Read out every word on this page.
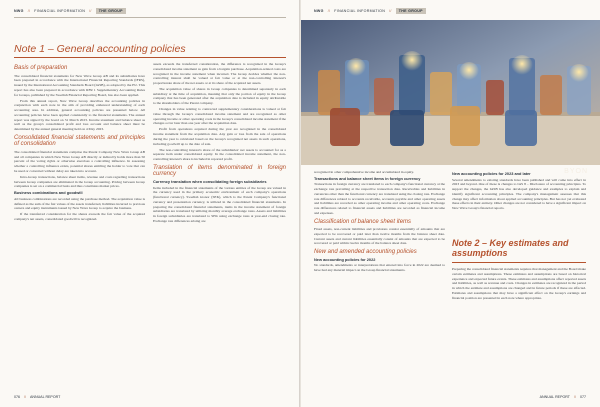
NWG // FINANCIAL INFORMATION //	THE GROUP
Note 1 – General accounting policies
Basis of preparation

The consolidated financial statements for New Wave Group AB and its subsidiaries have been prepared in accordance with the International Financial Reporting Standards (IFRS), issued by the International Accounting Standards Board (IASB), as adopted by the EU. This report has also been prepared in accordance with RFR 1 Supplementary Accounting Rules for Groups, published by the Swedish Financial Reporting Board, has also been applied.

From this annual report, New Wave Group describes the accounting policies in conjunction with each note in the aim of providing enhanced understanding of each accounting area. In addition, general accounting policies are presented below. All accounting policies have been applied consistently to the financial statements. The annual report was signed by the board on 31 March 2023. Income statement and balance sheet as well as the group's consolidated profit and loss account and balance sheet must be determined by the annual general meeting held on 4 May 2023.

Consolidated financial statements and principles of consolidation

The consolidated financial statements comprise the Parent Company New Wave Group AB and all companies in which New Wave Group AB directly or indirectly holds more than 50 percent of the voting rights or otherwise exercises a controlling influence. In assessing whether a controlling influence exists, potential shares entitling the holder to vote that can be used or converted without delay are taken into account.

Intra-Group transactions, balance sheet items, revenue and costs regarding transactions between Group companies are eliminated in the Group accounting. Pricing between Group companies is set on a commercial basis and thus constitutes market prices.

Business combinations and goodwill

All business combinations are recorded using the purchase method. The acquisition value is defined as the sum of the fair values of the assets transferred, liabilities incurred to previous owners and equity instruments issued by New Wave Group to acquire the business.

If the transferred consideration for the shares exceeds the fair value of the acquired company's net assets, consolidated goodwill is recognized.

assets exceeds the transferred consideration, the difference is recognized in the Group's consolidated income statement as gain from a bargain purchase. Acquisition-related costs are recognized in the income statement when incurred. The Group decides whether the non-controlling interest shall be valued at fair value or at the non-controlling interest's proportionate share of the net assets or at its share of the acquired net assets.

The acquisition value of shares in Group companies is determined separately in each subsidiary at the time of acquisition, meaning that only the portion of equity in the Group company that has been generated after the acquisition date is included in equity attributable to the shareholders of the Parent company.

Changes in value relating to contracted supplementary considerations is valued at fair value through the Group's consolidated income statement and are recognized as other operating income or other operating costs in the Group's consolidated income statement if the changes occur later than one year after the acquisition date.

Profit from operations acquired during the year are recognized in the consolidated income statement from the acquisition date. Any gain or loss from the sale of operations during the year is calculated based on the Group's recognized net assets in such operations, including goodwill up to the date of sale.

The non-controlling interest's share of the subsidiaries' net assets is accounted for as a separate item under consolidated equity. In the consolidated income statement, the non-controlling interest's share is included in reported profit.

Translation of items denominated in foreign currency
Currency translation when consolidating foreign subsidiaries

Items included in the financial statements of the various entities of the Group are valued in the currency used in the primary economic environment of each company's operations (functional currency). Swedish kronor (SEK), which is the Parent Company's functional currency and presentation currency, is utilized in the consolidated financial statements. In preparing the consolidated financial statements, items in the income statement of foreign subsidiaries are translated by utilizing monthly average exchange rates. Assets and liabilities in foreign subsidiaries are translated to SEK using exchange rates at year-end closing rate. Exchange rate differences arising are

076 // ANNUAL REPORT
NWG // FINANCIAL INFORMATION //	THE GROUP
BYON

recognized in other comprehensive income and accumulated in equity.

Transactions and balance sheet items in foreign currency

Transactions in foreign currency are translated to each company's functional currency at the exchange rate prevailing at the respective transaction date. Receivables and liabilities in currencies other than the functional currency are translated using the closing rate. Exchange rate differences related to accounts receivable, accounts payable and other operating assets and liabilities are recorded as other operating income and other operating costs. Exchange rate differences related to financial assets and liabilities are recorded as financial income and expenses.

Classification of balance sheet items

Fixed assets, non-current liabilities and provisions consist essentially of amounts that are expected to be recovered or paid later than twelve months from the balance sheet date. Current assets and current liabilities essentially consist of amounts that are expected to be recovered or paid within twelve months of the balance sheet date.

New and amended accounting policies
New accounting policies for 2022

No standards, amendments or interpretations that entered into force in 2022 are deemed to have had any material impact on the Group financial statements.

New accounting policies for 2023 and later

Several amendments to existing standards have been published and will come into effect in 2023 and beyond. One of these is changes to IAS 8 – Disclosure of accounting principles. To support the changes, the IASB has also developed guidance and examples to explain and identify significant accounting principles. The company's management assesses that this change may affect information about applied accounting principles. But has not yet evaluated these effects in their entirety. Other changes are not considered to have a significant impact on New Wave Group's financial reports.

Note 2 – Key estimates and assumptions

Preparing the consolidated financial statements requires that management and the Board make certain estimates and assumptions. These estimates and assumptions are based on historical experience and expected future events. These estimates and assumptions affect reported assets and liabilities, as well as revenue and costs. Changes in estimates are recognized in the period in which the estimate and assumptions are changed and in future periods if these are affected. Estimates and assumptions that may have a significant effect on the Group's earnings and financial position are presented in each note where appropriate.

ANNUAL REPORT // 077
